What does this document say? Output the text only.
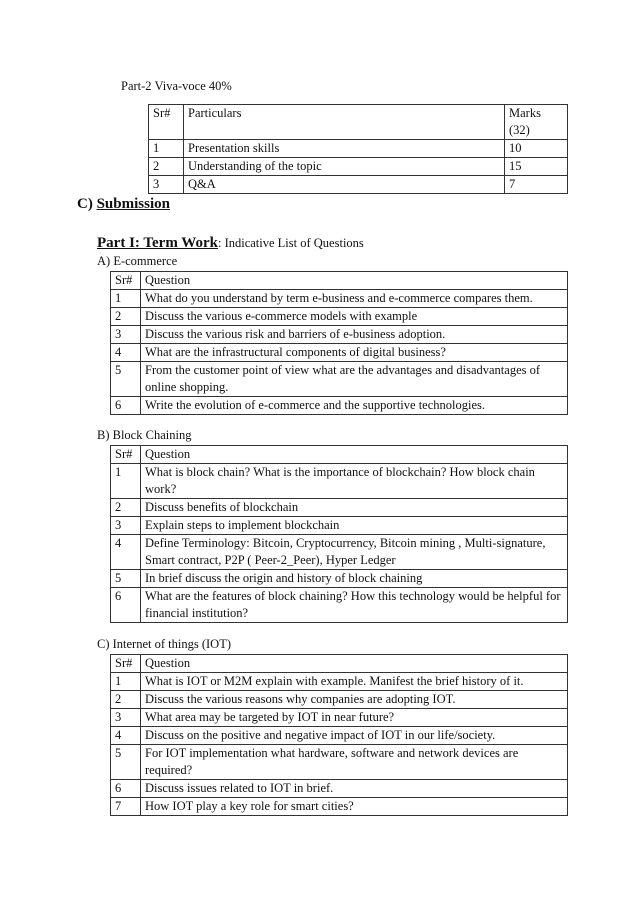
Part-2 Viva-voce 40%
Sr#	Particulars	Marks (32)
1	Presentation skills	10
2	Understanding of the topic	15
3	Q&A	7
C) Submission
Part I: Term Work: Indicative List of Questions
A) E-commerce
Sr#	Question
1	What do you understand by term e-business and e-commerce compares them.
2	Discuss the various e-commerce models with example
3	Discuss the various risk and barriers of e-business adoption.
4	What are the infrastructural components of digital business?
5	From the customer point of view what are the advantages and disadvantages of online shopping.
6	Write the evolution of e-commerce and the supportive technologies.
B) Block Chaining
Sr#	Question
1	What is block chain? What is the importance of blockchain? How block chain work?
2	Discuss benefits of blockchain
3	Explain steps to implement blockchain
4	Define Terminology: Bitcoin, Cryptocurrency, Bitcoin mining , Multi-signature, Smart contract, P2P ( Peer-2_Peer), Hyper Ledger
5	In brief discuss the origin and history of block chaining
6	What are the features of block chaining? How this technology would be helpful for financial institution?
C) Internet of things (IOT)
Sr#	Question
1	What is IOT or M2M explain with example. Manifest the brief history of it.
2	Discuss the various reasons why companies are adopting IOT.
3	What area may be targeted by IOT in near future?
4	Discuss on the positive and negative impact of IOT in our life/society.
5	For IOT implementation what hardware, software and network devices are required?
6	Discuss issues related to IOT in brief.
7	How IOT play a key role for smart cities?
